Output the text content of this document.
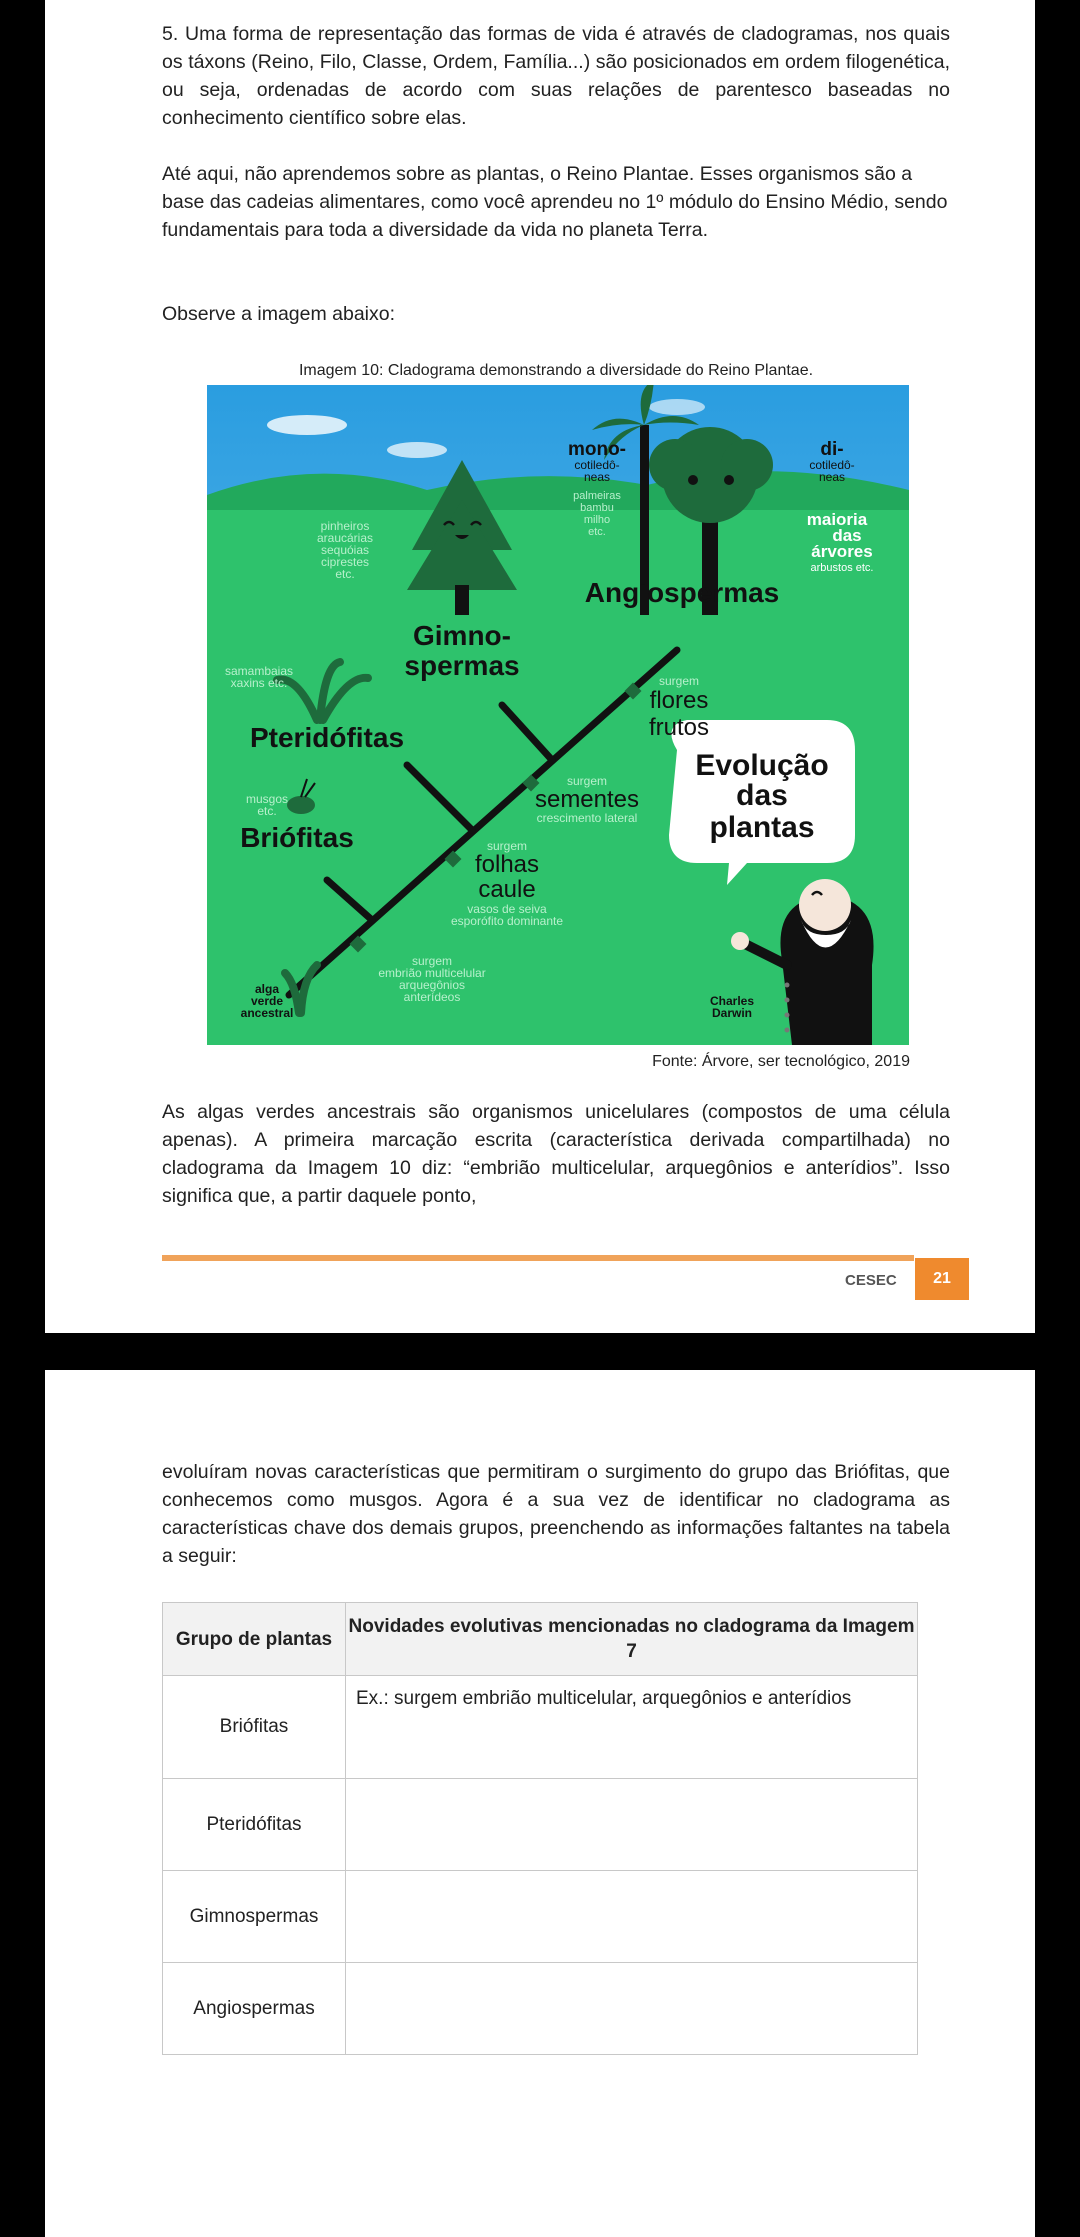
5. Uma forma de representação das formas de vida é através de cladogramas, nos quais os táxons (Reino, Filo, Classe, Ordem, Família...) são posicionados em ordem filogenética, ou seja, ordenadas de acordo com suas relações de parentesco baseadas no conhecimento científico sobre elas.

Até aqui, não aprendemos sobre as plantas, o Reino Plantae. Esses organismos são a base das cadeias alimentares, como você aprendeu no 1º módulo do Ensino Médio, sendo fundamentais para toda a diversidade da vida no planeta Terra.

Observe a imagem abaixo:

Imagem 10: Cladograma demonstrando a diversidade do Reino Plantae.
mono-
cotiledô-
neas
palmeiras
bambu
milho
etc.
di-
cotiledô-
neas
maioria
das
árvores
arbustos etc.
Angiospermas
pinheiros
araucárias
sequóias
ciprestes
etc.
Gimno-
spermas
samambaias
xaxins etc.
Pteridófitas
musgos
etc.
Briófitas
alga
verde
ancestral
surgem
embrião multicelular
arquegônios
anterídeos
surgem
folhas
caule
vasos de seiva
esporófito dominante
surgem
sementes
crescimento lateral
surgem
flores
frutos
Evolução
das
plantas
Charles
Darwin
Fonte: Árvore, ser tecnológico, 2019

As algas verdes ancestrais são organismos unicelulares (compostos de uma célula apenas). A primeira marcação escrita (característica derivada compartilhada) no cladograma da Imagem 10 diz: “embrião multicelular, arquegônios e anterídios”. Isso significa que, a partir daquele ponto,

CESEC	21

evoluíram novas características que permitiram o surgimento do grupo das Briófitas, que conhecemos como musgos. Agora é a sua vez de identificar no cladograma as características chave dos demais grupos, preenchendo as informações faltantes na tabela a seguir:

Grupo de plantas	Novidades evolutivas mencionadas no cladograma da Imagem 7
Briófitas	Ex.: surgem embrião multicelular, arquegônios e anterídios
Pteridófitas	
Gimnospermas	
Angiospermas	
